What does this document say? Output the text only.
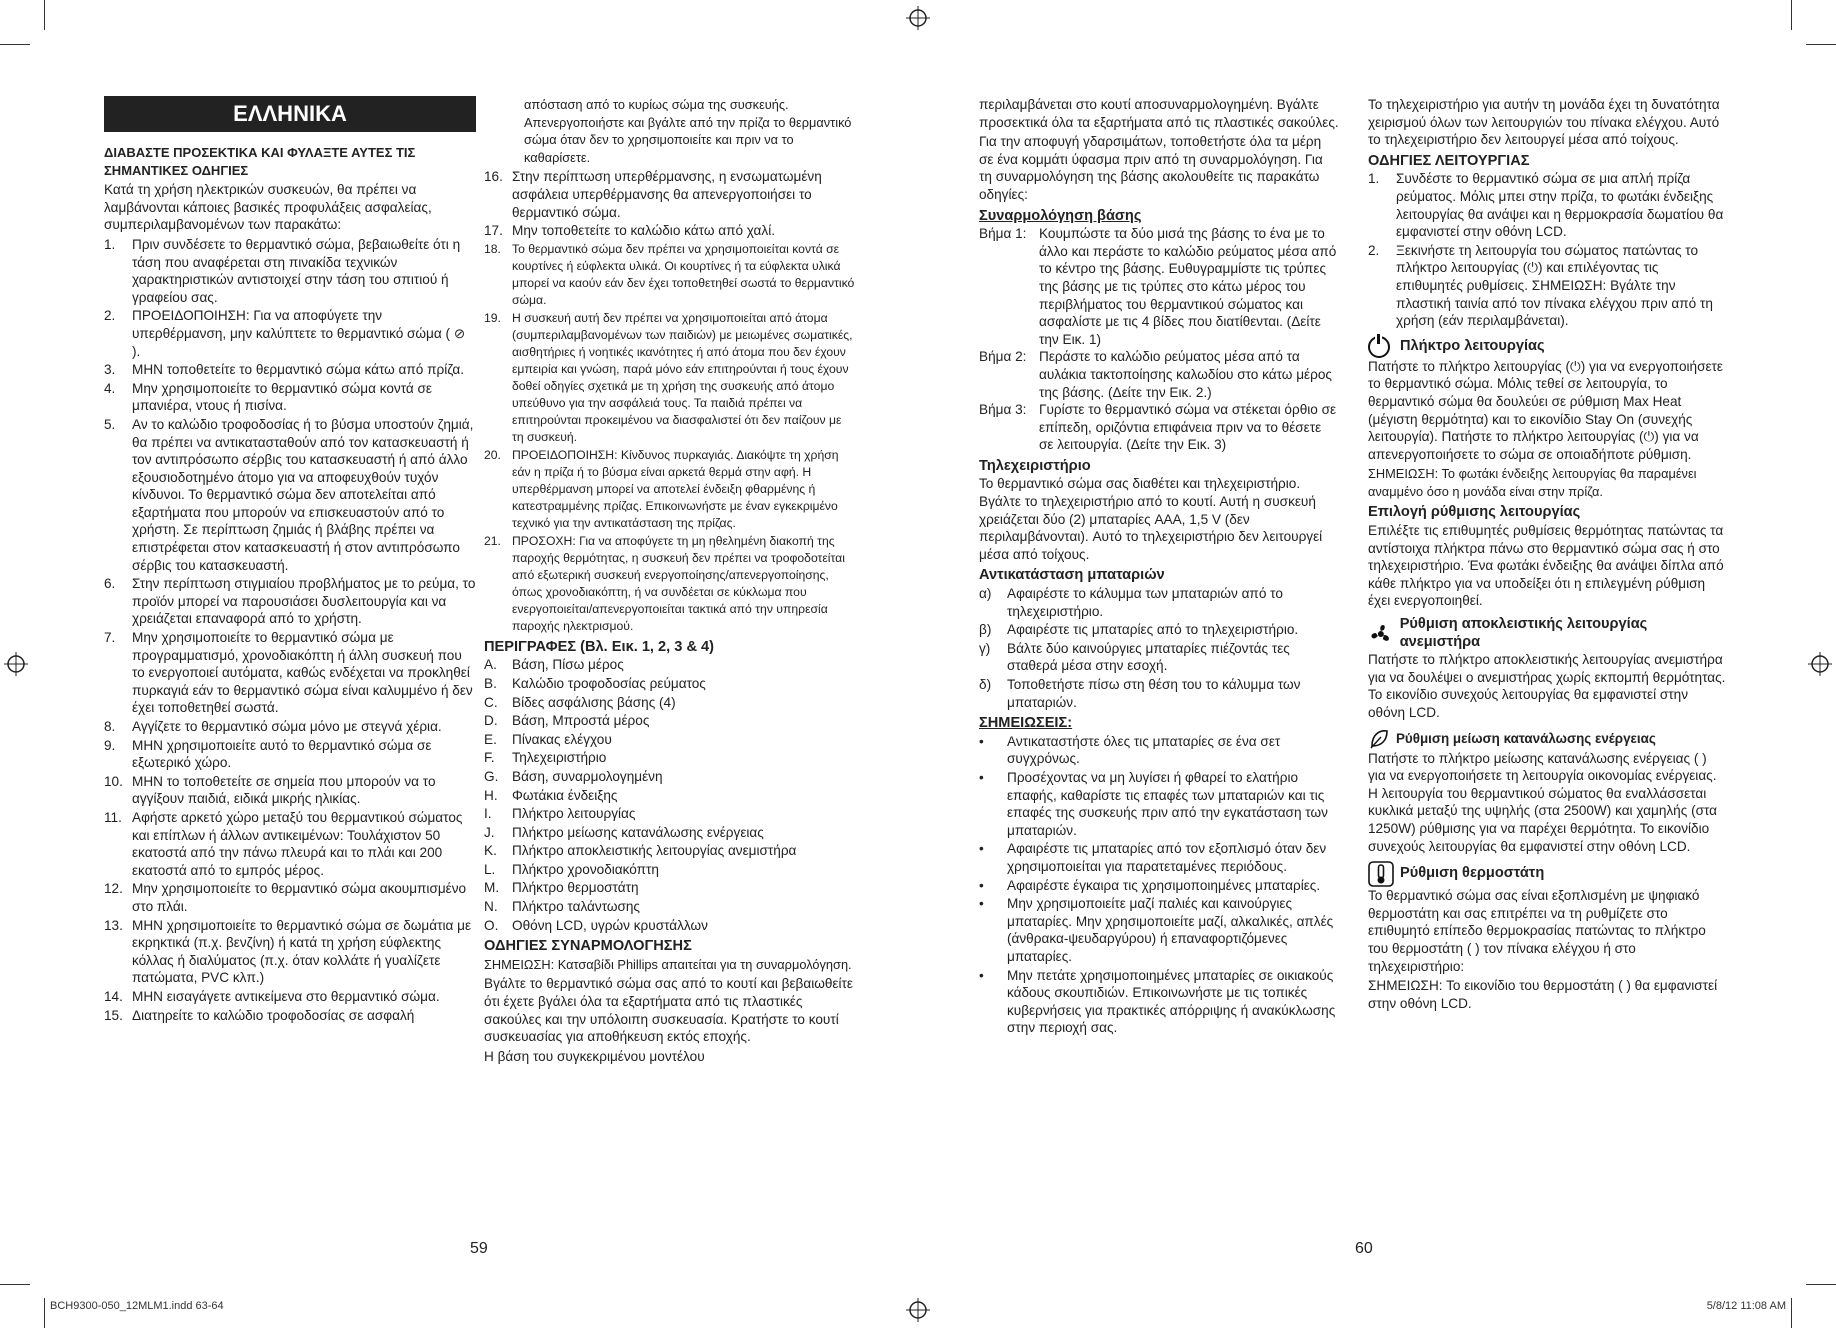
ΕΛΛΗΝΙΚΑ

ΔΙΑΒΑΣΤΕ ΠΡΟΣΕΚΤΙΚΑ ΚΑΙ ΦΥΛΑΞΤΕ ΑΥΤΕΣ ΤΙΣ ΣΗΜΑΝΤΙΚΕΣ ΟΔΗΓΙΕΣ

Κατά τη χρήση ηλεκτρικών συσκευών, θα πρέπει να λαμβάνονται κάποιες βασικές προφυλάξεις ασφαλείας, συμπεριλαμβανομένων των παρακάτω:

1.	Πριν συνδέσετε το θερμαντικό σώμα, βεβαιωθείτε ότι η τάση που αναφέρεται στη πινακίδα τεχνικών χαρακτηριστικών αντιστοιχεί στην τάση του σπιτιού ή γραφείου σας.
2.	ΠΡΟΕΙΔΟΠΟΙΗΣΗ: Για να αποφύγετε την υπερθέρμανση, μην καλύπτετε το θερμαντικό σώμα ( ⊘ ).
3.	ΜΗΝ τοποθετείτε το θερμαντικό σώμα κάτω από πρίζα.
4.	Μην χρησιμοποιείτε το θερμαντικό σώμα κοντά σε μπανιέρα, ντους ή πισίνα.
5.	Αν το καλώδιο τροφοδοσίας ή το βύσμα υποστούν ζημιά, θα πρέπει να αντικατασταθούν από τον κατασκευαστή ή τον αντιπρόσωπο σέρβις του κατασκευαστή ή από άλλο εξουσιοδοτημένο άτομο για να αποφευχθούν τυχόν κίνδυνοι. Το θερμαντικό σώμα δεν αποτελείται από εξαρτήματα που μπορούν να επισκευαστούν από το χρήστη. Σε περίπτωση ζημιάς ή βλάβης πρέπει να επιστρέφεται στον κατασκευαστή ή στον αντιπρόσωπο σέρβις του κατασκευαστή.
6.	Στην περίπτωση στιγμιαίου προβλήματος με το ρεύμα, το προϊόν μπορεί να παρουσιάσει δυσλειτουργία και να χρειάζεται επαναφορά από το χρήστη.
7.	Μην χρησιμοποιείτε το θερμαντικό σώμα με προγραμματισμό, χρονοδιακόπτη ή άλλη συσκευή που το ενεργοποιεί αυτόματα, καθώς ενδέχεται να προκληθεί πυρκαγιά εάν το θερμαντικό σώμα είναι καλυμμένο ή δεν έχει τοποθετηθεί σωστά.
8.	Αγγίζετε το θερμαντικό σώμα μόνο με στεγνά χέρια.
9.	ΜΗΝ χρησιμοποιείτε αυτό το θερμαντικό σώμα σε εξωτερικό χώρο.
10. ΜΗΝ το τοποθετείτε σε σημεία που μπορούν να το αγγίξουν παιδιά, ειδικά μικρής ηλικίας.
11. Αφήστε αρκετό χώρο μεταξύ του θερμαντικού σώματος και επίπλων ή άλλων αντικειμένων: Τουλάχιστον 50 εκατοστά από την πάνω πλευρά και το πλάι και 200 εκατοστά από το εμπρός μέρος.
12. Μην χρησιμοποιείτε το θερμαντικό σώμα ακουμπισμένο στο πλάι.
13. ΜΗΝ χρησιμοποιείτε το θερμαντικό σώμα σε δωμάτια με εκρηκτικά (π.χ. βενζίνη) ή κατά τη χρήση εύφλεκτης κόλλας ή διαλύματος (π.χ. όταν κολλάτε ή γυαλίζετε πατώματα, PVC κλπ.)
14. ΜΗΝ εισαγάγετε αντικείμενα στο θερμαντικό σώμα.
15. Διατηρείτε το καλώδιο τροφοδοσίας σε ασφαλή

απόσταση από το κυρίως σώμα της συσκευής. Απενεργοποιήστε και βγάλτε από την πρίζα το θερμαντικό σώμα όταν δεν το χρησιμοποιείτε και πριν να το καθαρίσετε.

16. Στην περίπτωση υπερθέρμανσης, η ενσωματωμένη ασφάλεια υπερθέρμανσης θα απενεργοποιήσει το θερμαντικό σώμα.
17. Μην τοποθετείτε το καλώδιο κάτω από χαλί.
18. Το θερμαντικό σώμα δεν πρέπει να χρησιμοποιείται κοντά σε κουρτίνες ή εύφλεκτα υλικά. Οι κουρτίνες ή τα εύφλεκτα υλικά μπορεί να καούν εάν δεν έχει τοποθετηθεί σωστά το θερμαντικό σώμα.
19. Η συσκευή αυτή δεν πρέπει να χρησιμοποιείται από άτομα (συμπεριλαμβανομένων των παιδιών) με μειωμένες σωματικές, αισθητήριες ή νοητικές ικανότητες ή από άτομα που δεν έχουν εμπειρία και γνώση, παρά μόνο εάν επιτηρούνται ή τους έχουν δοθεί οδηγίες σχετικά με τη χρήση της συσκευής από άτομο υπεύθυνο για την ασφάλειά τους. Τα παιδιά πρέπει να επιτηρούνται προκειμένου να διασφαλιστεί ότι δεν παίζουν με τη συσκευή.
20. ΠΡΟΕΙΔΟΠΟΙΗΣΗ: Κίνδυνος πυρκαγιάς. Διακόψτε τη χρήση εάν η πρίζα ή το βύσμα είναι αρκετά θερμά στην αφή. Η υπερθέρμανση μπορεί να αποτελεί ένδειξη φθαρμένης ή κατεστραμμένης πρίζας. Επικοινωνήστε με έναν εγκεκριμένο τεχνικό για την αντικατάσταση της πρίζας.
21. ΠΡΟΣΟΧΗ: Για να αποφύγετε τη μη ηθελημένη διακοπή της παροχής θερμότητας, η συσκευή δεν πρέπει να τροφοδοτείται από εξωτερική συσκευή ενεργοποίησης/απενεργοποίησης, όπως χρονοδιακόπτη, ή να συνδέεται σε κύκλωμα που ενεργοποιείται/απενεργοποιείται τακτικά από την υπηρεσία παροχής ηλεκτρισμού.
ΠΕΡΙΓΡΑΦΕΣ (Βλ. Εικ. 1, 2, 3 & 4)
A.	Βάση, Πίσω μέρος
B.	Καλώδιο τροφοδοσίας ρεύματος
C.	Βίδες ασφάλισης βάσης (4)
D.	Βάση, Μπροστά μέρος
E.	Πίνακας ελέγχου
F.	Τηλεχειριστήριο
G.	Βάση, συναρμολογημένη
H.	Φωτάκια ένδειξης
I.	Πλήκτρο λειτουργίας
J.	Πλήκτρο μείωσης κατανάλωσης ενέργειας
K.	Πλήκτρο αποκλειστικής λειτουργίας ανεμιστήρα
L.	Πλήκτρο χρονοδιακόπτη
M. Πλήκτρο θερμοστάτη
N.	Πλήκτρο ταλάντωσης
O.	Οθόνη LCD, υγρών κρυστάλλων
ΟΔΗΓΙΕΣ ΣΥΝΑΡΜΟΛΟΓΗΣΗΣ

ΣΗΜΕΙΩΣΗ: Κατσαβίδι Phillips απαιτείται για τη συναρμολόγηση.

Βγάλτε το θερμαντικό σώμα σας από το κουτί και βεβαιωθείτε ότι έχετε βγάλει όλα τα εξαρτήματα από τις πλαστικές σακούλες και την υπόλοιπη συσκευασία. Κρατήστε το κουτί συσκευασίας για αποθήκευση εκτός εποχής.

Η βάση του συγκεκριμένου μοντέλου

περιλαμβάνεται στο κουτί αποσυναρμολογημένη. Βγάλτε προσεκτικά όλα τα εξαρτήματα από τις πλαστικές σακούλες.

Για την αποφυγή γδαρσιμάτων, τοποθετήστε όλα τα μέρη σε ένα κομμάτι ύφασμα πριν από τη συναρμολόγηση. Για τη συναρμολόγηση της βάσης ακολουθείτε τις παρακάτω οδηγίες:

Συναρμολόγηση βάσης
Βήμα 1: Κουμπώστε τα δύο μισά της βάσης το ένα με το άλλο και περάστε το καλώδιο ρεύματος μέσα από το κέντρο της βάσης. Ευθυγραμμίστε τις τρύπες της βάσης με τις τρύπες στο κάτω μέρος του περιβλήματος του θερμαντικού σώματος και ασφαλίστε με τις 4 βίδες που διατίθενται. (Δείτε την Εικ. 1)
Βήμα 2: Περάστε το καλώδιο ρεύματος μέσα από τα αυλάκια τακτοποίησης καλωδίου στο κάτω μέρος της βάσης. (Δείτε την Εικ. 2.)
Βήμα 3: Γυρίστε το θερμαντικό σώμα να στέκεται όρθιο σε επίπεδη, οριζόντια επιφάνεια πριν να το θέσετε σε λειτουργία. (Δείτε την Εικ. 3)
Τηλεχειριστήριο

Το θερμαντικό σώμα σας διαθέτει και τηλεχειριστήριο. Βγάλτε το τηλεχειριστήριο από το κουτί. Αυτή η συσκευή χρειάζεται δύο (2) μπαταρίες AAA, 1,5 V (δεν περιλαμβάνονται). Αυτό το τηλεχειριστήριο δεν λειτουργεί μέσα από τοίχους.

Αντικατάσταση μπαταριών
α)	Αφαιρέστε το κάλυμμα των μπαταριών από το τηλεχειριστήριο.
β)	Αφαιρέστε τις μπαταρίες από το τηλεχειριστήριο.
γ)	Βάλτε δύο καινούργιες μπαταρίες πιέζοντάς τες σταθερά μέσα στην εσοχή.
δ)	Τοποθετήστε πίσω στη θέση του το κάλυμμα των μπαταριών.
ΣΗΜΕΙΩΣΕΙΣ:
•	Αντικαταστήστε όλες τις μπαταρίες σε ένα σετ συγχρόνως.
•	Προσέχοντας να μη λυγίσει ή φθαρεί το ελατήριο επαφής, καθαρίστε τις επαφές των μπαταριών και τις επαφές της συσκευής πριν από την εγκατάσταση των μπαταριών.
•	Αφαιρέστε τις μπαταρίες από τον εξοπλισμό όταν δεν χρησιμοποιείται για παρατεταμένες περιόδους.
•	Αφαιρέστε έγκαιρα τις χρησιμοποιημένες μπαταρίες.
•	Μην χρησιμοποιείτε μαζί παλιές και καινούργιες μπαταρίες. Μην χρησιμοποιείτε μαζί, αλκαλικές, απλές (άνθρακα-ψευδαργύρου) ή επαναφορτιζόμενες μπαταρίες.
•	Μην πετάτε χρησιμοποιημένες μπαταρίες σε οικιακούς κάδους σκουπιδιών. Επικοινωνήστε με τις τοπικές κυβερνήσεις για πρακτικές απόρριψης ή ανακύκλωσης στην περιοχή σας.

Το τηλεχειριστήριο για αυτήν τη μονάδα έχει τη δυνατότητα χειρισμού όλων των λειτουργιών του πίνακα ελέγχου. Αυτό το τηλεχειριστήριο δεν λειτουργεί μέσα από τοίχους.

ΟΔΗΓΙΕΣ ΛΕΙΤΟΥΡΓΙΑΣ
1.	Συνδέστε το θερμαντικό σώμα σε μια απλή πρίζα ρεύματος. Μόλις μπει στην πρίζα, το φωτάκι ένδειξης λειτουργίας θα ανάψει και η θερμοκρασία δωματίου θα εμφανιστεί στην οθόνη LCD.
2.	Ξεκινήστε τη λειτουργία του σώματος πατώντας το πλήκτρο λειτουργίας (⏻) και επιλέγοντας τις επιθυμητές ρυθμίσεις. ΣΗΜΕΙΩΣΗ: Βγάλτε την πλαστική ταινία από τον πίνακα ελέγχου πριν από τη χρήση (εάν περιλαμβάνεται).
Πλήκτρο λειτουργίας

Πατήστε το πλήκτρο λειτουργίας (⏻) για να ενεργοποιήσετε το θερμαντικό σώμα. Μόλις τεθεί σε λειτουργία, το θερμαντικό σώμα θα δουλεύει σε ρύθμιση Max Heat (μέγιστη θερμότητα) και το εικονίδιο Stay On (συνεχής λειτουργία). Πατήστε το πλήκτρο λειτουργίας (⏻) για να απενεργοποιήσετε το σώμα σε οποιαδήποτε ρύθμιση.

ΣΗΜΕΙΩΣΗ: Το φωτάκι ένδειξης λειτουργίας θα παραμένει αναμμένο όσο η μονάδα είναι στην πρίζα.

Επιλογή ρύθμισης λειτουργίας

Επιλέξτε τις επιθυμητές ρυθμίσεις θερμότητας πατώντας τα αντίστοιχα πλήκτρα πάνω στο θερμαντικό σώμα σας ή στο τηλεχειριστήριο. Ένα φωτάκι ένδειξης θα ανάψει δίπλα από κάθε πλήκτρο για να υποδείξει ότι η επιλεγμένη ρύθμιση έχει ενεργοποιηθεί.

Ρύθμιση αποκλειστικής λειτουργίας ανεμιστήρα

Πατήστε το πλήκτρο αποκλειστικής λειτουργίας ανεμιστήρα για να δουλέψει ο ανεμιστήρας χωρίς εκπομπή θερμότητας. Το εικονίδιο συνεχούς λειτουργίας θα εμφανιστεί στην οθόνη LCD.

Ρύθμιση μείωση κατανάλωσης ενέργειας

Πατήστε το πλήκτρο μείωσης κατανάλωσης ενέργειας ( ) για να ενεργοποιήσετε τη λειτουργία οικονομίας ενέργειας. Η λειτουργία του θερμαντικού σώματος θα εναλλάσσεται κυκλικά μεταξύ της υψηλής (στα 2500W) και χαμηλής (στα 1250W) ρύθμισης για να παρέχει θερμότητα. Το εικονίδιο συνεχούς λειτουργίας θα εμφανιστεί στην οθόνη LCD.

Ρύθμιση θερμοστάτη

Το θερμαντικό σώμα σας είναι εξοπλισμένη με ψηφιακό θερμοστάτη και σας επιτρέπει να τη ρυθμίζετε στο επιθυμητό επίπεδο θερμοκρασίας πατώντας το πλήκτρο του θερμοστάτη ( ) τον πίνακα ελέγχου ή στο τηλεχειριστήριο:

ΣΗΜΕΙΩΣΗ: Το εικονίδιο του θερμοστάτη ( ) θα εμφανιστεί στην οθόνη LCD.

59	60
BCH9300-050_12MLM1.indd 63-64	5/8/12 11:08 AM
